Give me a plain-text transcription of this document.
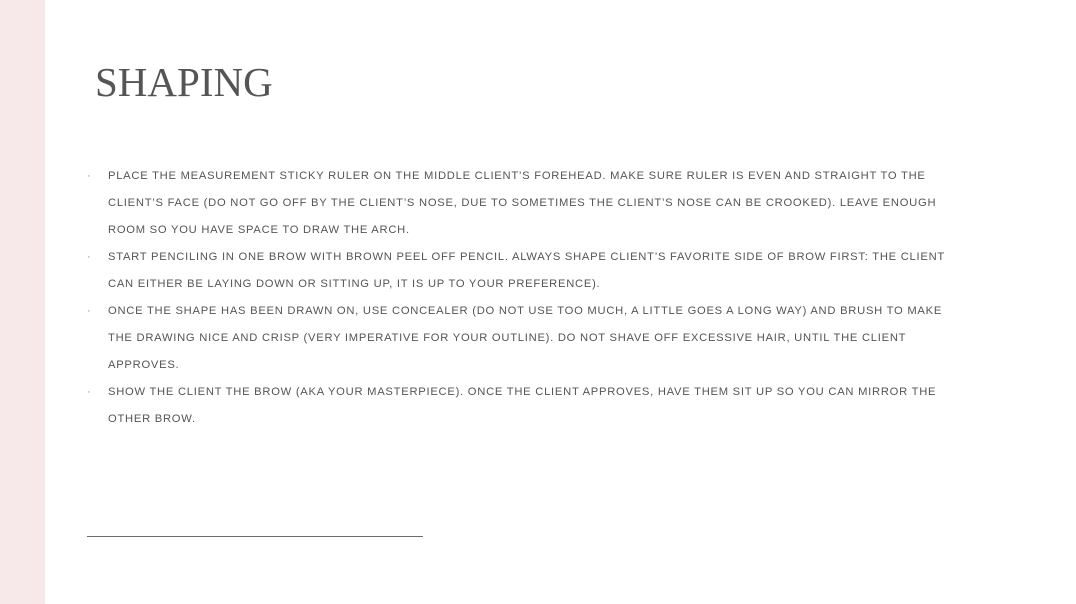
SHAPING
·	PLACE THE MEASUREMENT STICKY RULER ON THE MIDDLE CLIENT’S FOREHEAD. MAKE SURE RULER IS EVEN AND STRAIGHT TO THE CLIENT’S FACE (DO NOT GO OFF BY THE CLIENT’S NOSE, DUE TO SOMETIMES THE CLIENT’S NOSE CAN BE CROOKED). LEAVE ENOUGH ROOM SO YOU HAVE SPACE TO DRAW THE ARCH.
·	START PENCILING IN ONE BROW WITH BROWN PEEL OFF PENCIL. ALWAYS SHAPE CLIENT’S FAVORITE SIDE OF BROW FIRST: THE CLIENT CAN EITHER BE LAYING DOWN OR SITTING UP, IT IS UP TO YOUR PREFERENCE).
·	ONCE THE SHAPE HAS BEEN DRAWN ON, USE CONCEALER (DO NOT USE TOO MUCH, A LITTLE GOES A LONG WAY) AND BRUSH TO MAKE THE DRAWING NICE AND CRISP (VERY IMPERATIVE FOR YOUR OUTLINE). DO NOT SHAVE OFF EXCESSIVE HAIR, UNTIL THE CLIENT APPROVES.
·	SHOW THE CLIENT THE BROW (AKA YOUR MASTERPIECE). ONCE THE CLIENT APPROVES, HAVE THEM SIT UP SO YOU CAN MIRROR THE OTHER BROW.
